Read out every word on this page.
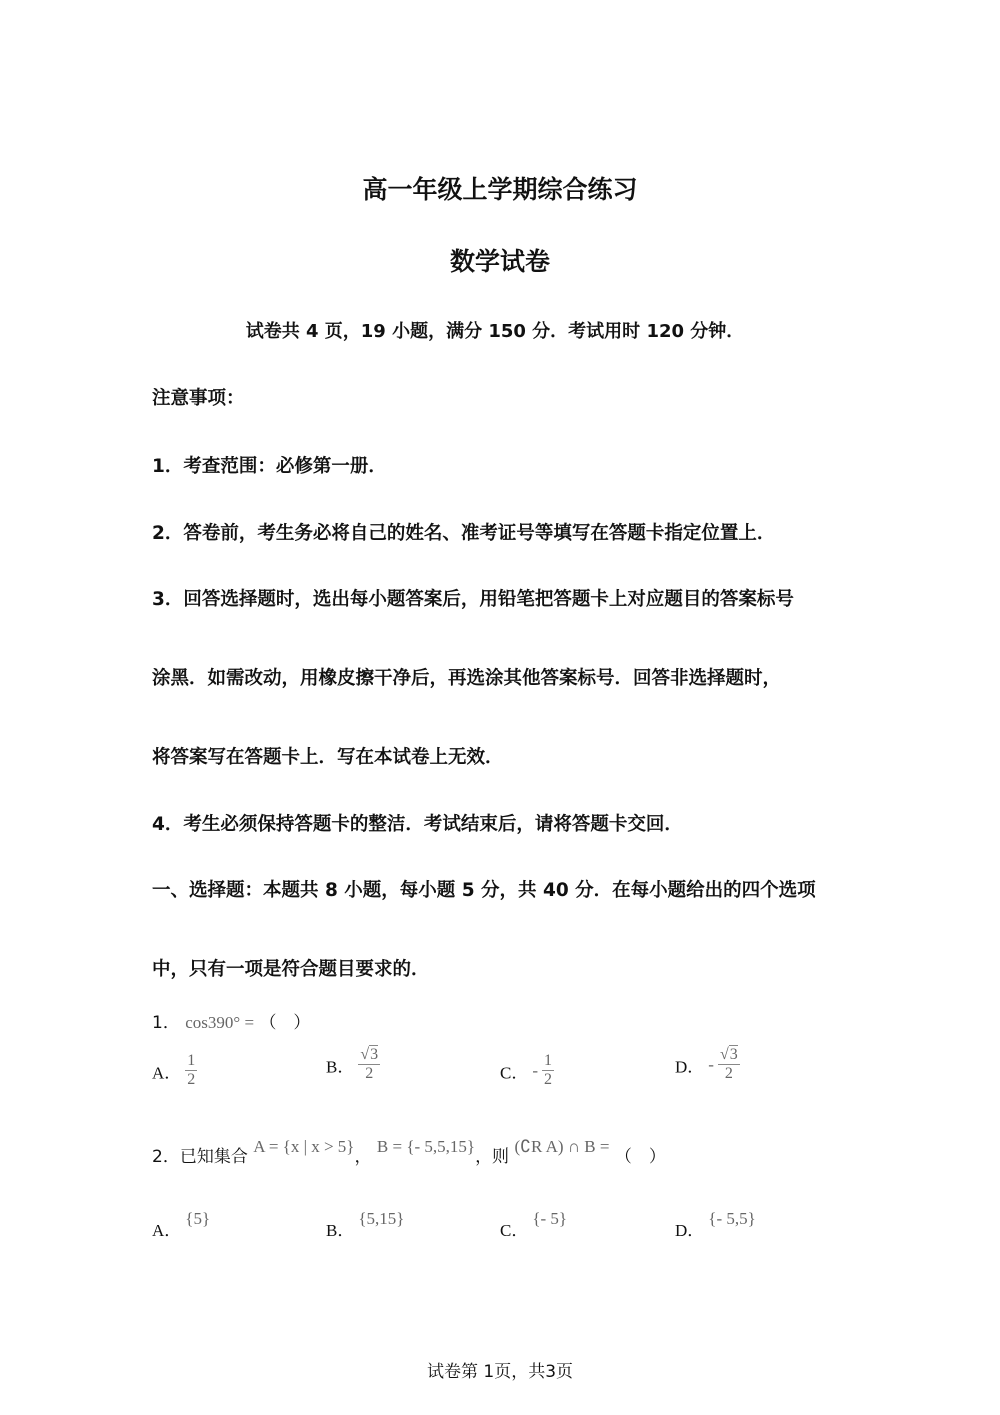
高一年级上学期综合练习
数学试卷
试卷共 4 页，19 小题，满分 150 分．考试用时 120 分钟．
注意事项：
1．考查范围：必修第一册．
2．答卷前，考生务必将自己的姓名、准考证号等填写在答题卡指定位置上．
3．回答选择题时，选出每小题答案后，用铅笔把答题卡上对应题目的答案标号
涂黑．如需改动，用橡皮擦干净后，再选涂其他答案标号．回答非选择题时，
将答案写在答题卡上．写在本试卷上无效．
4．考生必须保持答题卡的整洁．考试结束后，请将答题卡交回．
一、选择题：本题共 8 小题，每小题 5 分，共 40 分．在每小题给出的四个选项
中，只有一项是符合题目要求的．
1． cos390° = （　）
A． $\frac{1}{2}$	B． $\frac{√3}{2}$	C． - $\frac{1}{2}$	D． - $\frac{√3}{2}$
2．已知集合 A = {x | x > 5}， B = {- 5,5,15}，则 (∁R A) ∩ B = （　）
A． {5}
B． {5,15}
C． {- 5}
D． {- 5,5}
试卷第 1页，共3页
